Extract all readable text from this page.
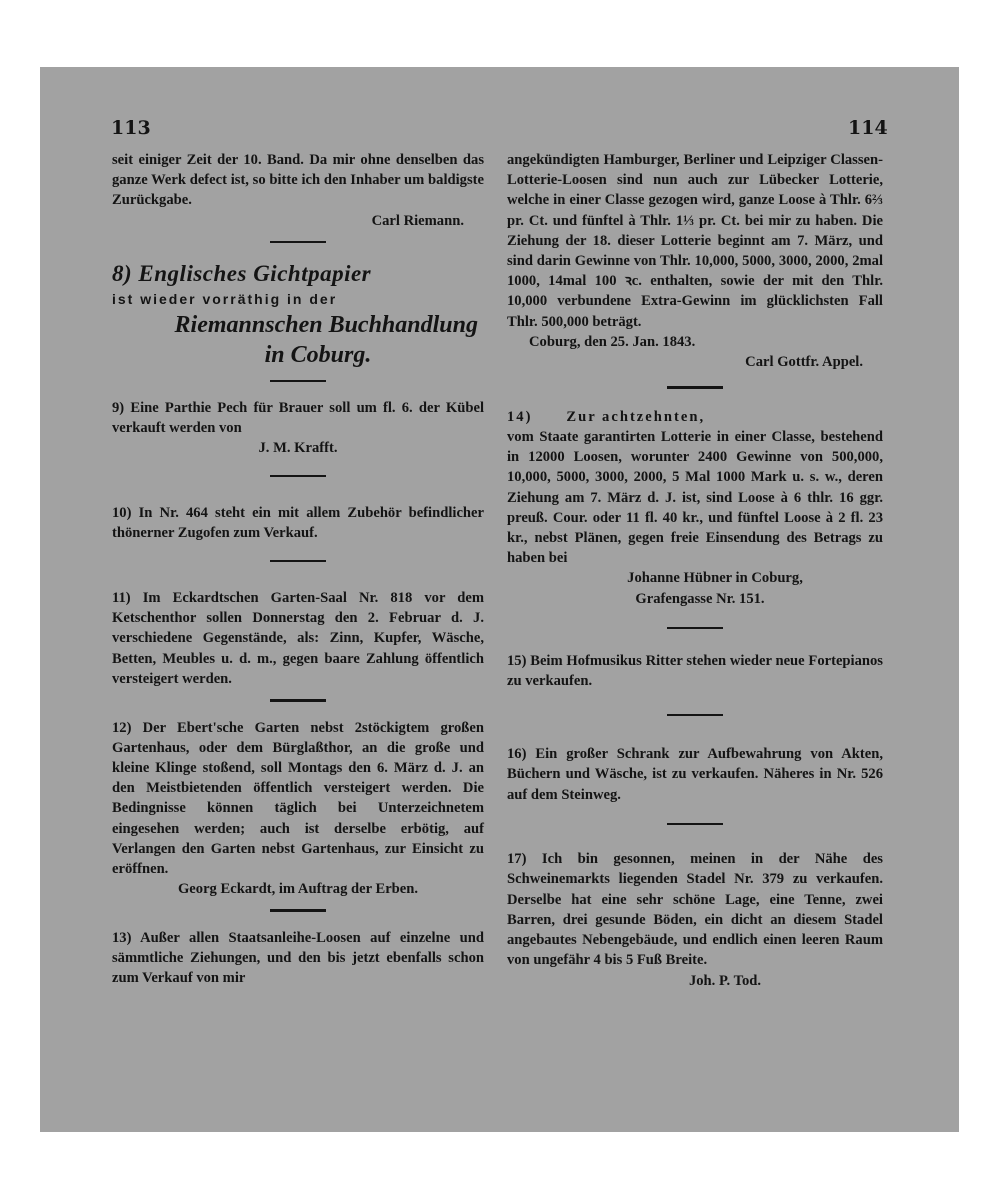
113	114

seit einiger Zeit der 10. Band. Da mir ohne denselben das ganze Werk defect ist, so bitte ich den Inhaber um baldigste Zurückgabe.

Carl Riemann.

8) Englisches Gichtpapier

ist wieder vorräthig in der

Riemannschen Buchhandlung

in Coburg.

9) Eine Parthie Pech für Brauer soll um fl. 6. der Kübel verkauft werden von

J. M. Krafft.

10) In Nr. 464 steht ein mit allem Zubehör befindlicher thönerner Zugofen zum Verkauf.

11) Im Eckardtschen Garten-Saal Nr. 818 vor dem Ketschenthor sollen Donnerstag den 2. Februar d. J. verschiedene Gegenstände, als: Zinn, Kupfer, Wäsche, Betten, Meubles u. d. m., gegen baare Zahlung öffentlich versteigert werden.

12) Der Ebert'sche Garten nebst 2stöckigtem großen Gartenhaus, oder dem Bürglaßthor, an die große und kleine Klinge stoßend, soll Montags den 6. März d. J. an den Meistbietenden öffentlich versteigert werden. Die Bedingnisse können täglich bei Unterzeichnetem eingesehen werden; auch ist derselbe erbötig, auf Verlangen den Garten nebst Gartenhaus, zur Einsicht zu eröffnen.

Georg Eckardt, im Auftrag der Erben.

13) Außer allen Staatsanleihe-Loosen auf einzelne und sämmtliche Ziehungen, und den bis jetzt ebenfalls schon zum Verkauf von mir

angekündigten Hamburger, Berliner und Leipziger Classen-Lotterie-Loosen sind nun auch zur Lübecker Lotterie, welche in einer Classe gezogen wird, ganze Loose à Thlr. 6⅔ pr. Ct. und fünftel à Thlr. 1⅓ pr. Ct. bei mir zu haben. Die Ziehung der 18. dieser Lotterie beginnt am 7. März, und sind darin Gewinne von Thlr. 10,000, 5000, 3000, 2000, 2mal 1000, 14mal 100 ꝛc. enthalten, sowie der mit den Thlr. 10,000 verbundene Extra-Gewinn im glücklichsten Fall Thlr. 500,000 beträgt.

Coburg, den 25. Jan. 1843.

Carl Gottfr. Appel.

14)      Zur achtzehnten,

vom Staate garantirten Lotterie in einer Classe, bestehend in 12000 Loosen, worunter 2400 Gewinne von 500,000, 10,000, 5000, 3000, 2000, 5 Mal 1000 Mark u. s. w., deren Ziehung am 7. März d. J. ist, sind Loose à 6 thlr. 16 ggr. preuß. Cour. oder 11 fl. 40 kr., und fünftel Loose à 2 fl. 23 kr., nebst Plänen, gegen freie Einsendung des Betrags zu haben bei

Johanne Hübner in Coburg,

Grafengasse Nr. 151.

15) Beim Hofmusikus Ritter stehen wieder neue Fortepianos zu verkaufen.

16) Ein großer Schrank zur Aufbewahrung von Akten, Büchern und Wäsche, ist zu verkaufen. Näheres in Nr. 526 auf dem Steinweg.

17) Ich bin gesonnen, meinen in der Nähe des Schweinemarkts liegenden Stadel Nr. 379 zu verkaufen. Derselbe hat eine sehr schöne Lage, eine Tenne, zwei Barren, drei gesunde Böden, ein dicht an diesem Stadel angebautes Nebengebäude, und endlich einen leeren Raum von ungefähr 4 bis 5 Fuß Breite.

Joh. P. Tod.
